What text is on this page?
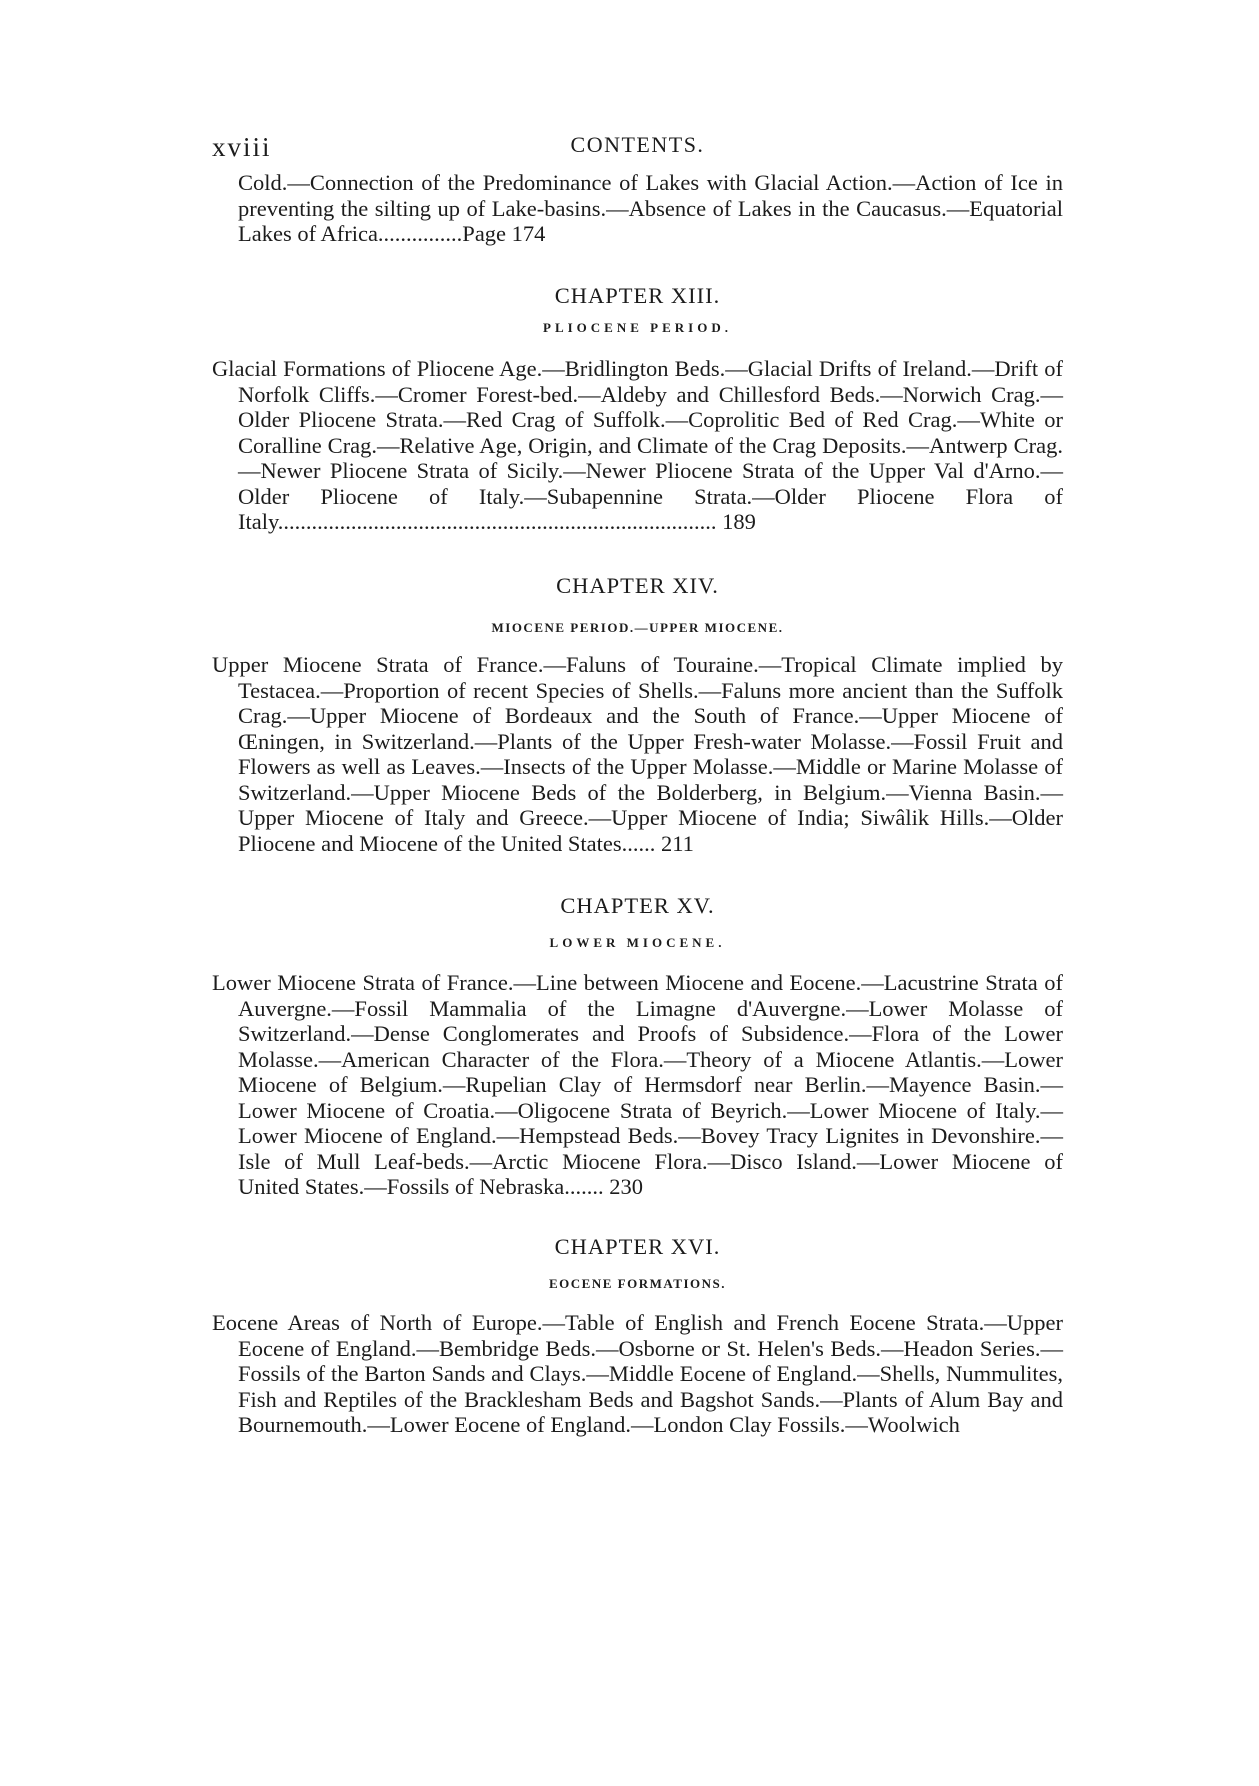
xviii	CONTENTS.
Cold.—Connection of the Predominance of Lakes with Glacial Action.—Action of Ice in preventing the silting up of Lake-basins.—Absence of Lakes in the Caucasus.—Equatorial Lakes of Africa...............Page 174
CHAPTER XIII.
PLIOCENE PERIOD.
Glacial Formations of Pliocene Age.—Bridlington Beds.—Glacial Drifts of Ireland.—Drift of Norfolk Cliffs.—Cromer Forest-bed.—Aldeby and Chillesford Beds.—Norwich Crag.—Older Pliocene Strata.—Red Crag of Suffolk.—Coprolitic Bed of Red Crag.—White or Coralline Crag.—Relative Age, Origin, and Climate of the Crag Deposits.—Antwerp Crag.—Newer Pliocene Strata of Sicily.—Newer Pliocene Strata of the Upper Val d'Arno.—Older Pliocene of Italy.—Subapennine Strata.—Older Pliocene Flora of Italy.............................................................................. 189
CHAPTER XIV.
MIOCENE PERIOD.—UPPER MIOCENE.
Upper Miocene Strata of France.—Faluns of Touraine.—Tropical Climate implied by Testacea.—Proportion of recent Species of Shells.—Faluns more ancient than the Suffolk Crag.—Upper Miocene of Bordeaux and the South of France.—Upper Miocene of Œningen, in Switzerland.—Plants of the Upper Fresh-water Molasse.—Fossil Fruit and Flowers as well as Leaves.—Insects of the Upper Molasse.—Middle or Marine Molasse of Switzerland.—Upper Miocene Beds of the Bolderberg, in Belgium.—Vienna Basin.—Upper Miocene of Italy and Greece.—Upper Miocene of India; Siwâlik Hills.—Older Pliocene and Miocene of the United States...... 211
CHAPTER XV.
LOWER MIOCENE.
Lower Miocene Strata of France.—Line between Miocene and Eocene.—Lacustrine Strata of Auvergne.—Fossil Mammalia of the Limagne d'Auvergne.—Lower Molasse of Switzerland.—Dense Conglomerates and Proofs of Subsidence.—Flora of the Lower Molasse.—American Character of the Flora.—Theory of a Miocene Atlantis.—Lower Miocene of Belgium.—Rupelian Clay of Hermsdorf near Berlin.—Mayence Basin.—Lower Miocene of Croatia.—Oligocene Strata of Beyrich.—Lower Miocene of Italy.—Lower Miocene of England.—Hempstead Beds.—Bovey Tracy Lignites in Devonshire.—Isle of Mull Leaf-beds.—Arctic Miocene Flora.—Disco Island.—Lower Miocene of United States.—Fossils of Nebraska....... 230
CHAPTER XVI.
EOCENE FORMATIONS.
Eocene Areas of North of Europe.—Table of English and French Eocene Strata.—Upper Eocene of England.—Bembridge Beds.—Osborne or St. Helen's Beds.—Headon Series.—Fossils of the Barton Sands and Clays.—Middle Eocene of England.—Shells, Nummulites, Fish and Reptiles of the Bracklesham Beds and Bagshot Sands.—Plants of Alum Bay and Bournemouth.—Lower Eocene of England.—London Clay Fossils.—Woolwich
